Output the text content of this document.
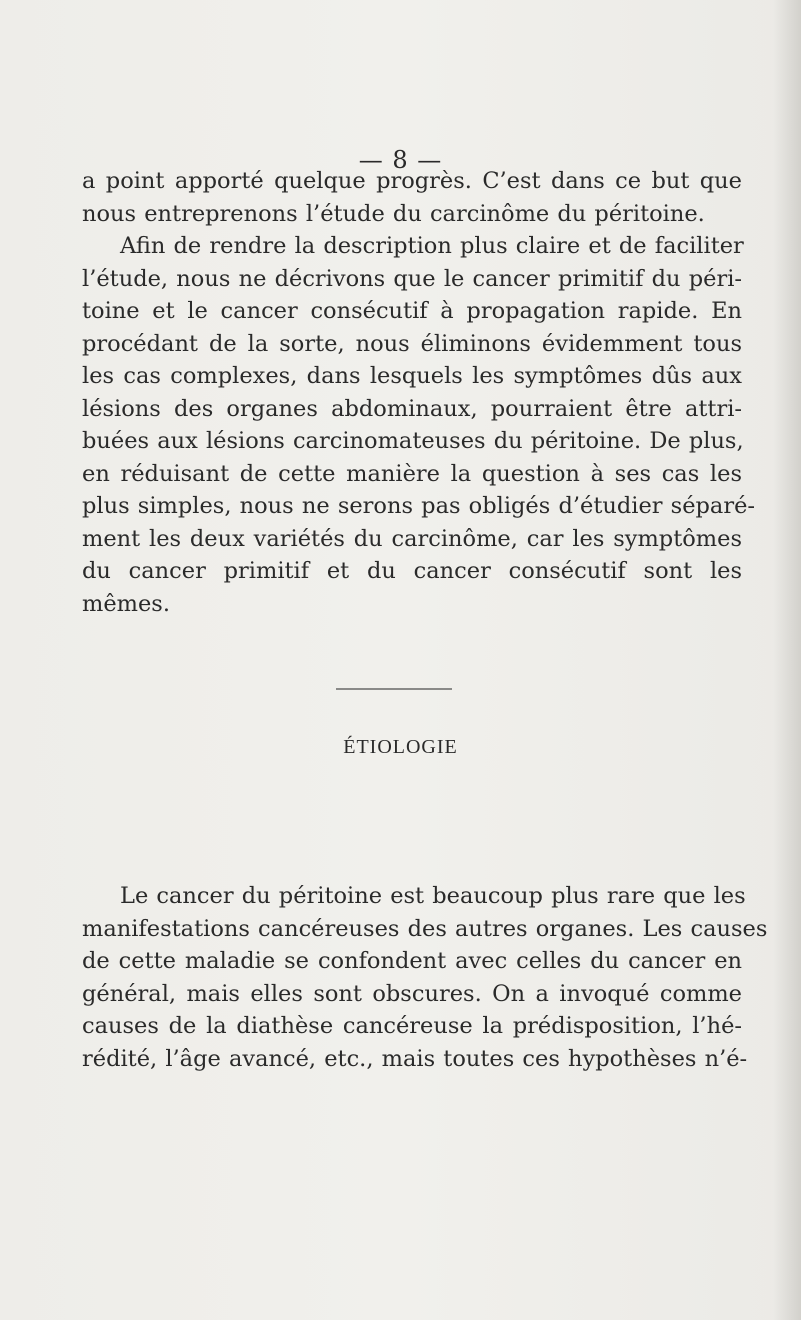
— 8 —
a point apporté quelque progrès. C’est dans ce but que
nous entreprenons l’étude du carcinôme du péritoine.
Afin de rendre la description plus claire et de faciliter
l’étude, nous ne décrivons que le cancer primitif du péri-
toine et le cancer consécutif à propagation rapide. En
procédant de la sorte, nous éliminons évidemment tous
les cas complexes, dans lesquels les symptômes dûs aux
lésions des organes abdominaux, pourraient être attri-
buées aux lésions carcinomateuses du péritoine. De plus,
en réduisant de cette manière la question à ses cas les
plus simples, nous ne serons pas obligés d’étudier séparé-
ment les deux variétés du carcinôme, car les symptômes
du cancer primitif et du cancer consécutif sont les
mêmes.
ÉTIOLOGIE

Le cancer du péritoine est beaucoup plus rare que les
manifestations cancéreuses des autres organes. Les causes
de cette maladie se confondent avec celles du cancer en
général, mais elles sont obscures. On a invoqué comme
causes de la diathèse cancéreuse la prédisposition, l’hé-
rédité, l’âge avancé, etc., mais toutes ces hypothèses n’é-
